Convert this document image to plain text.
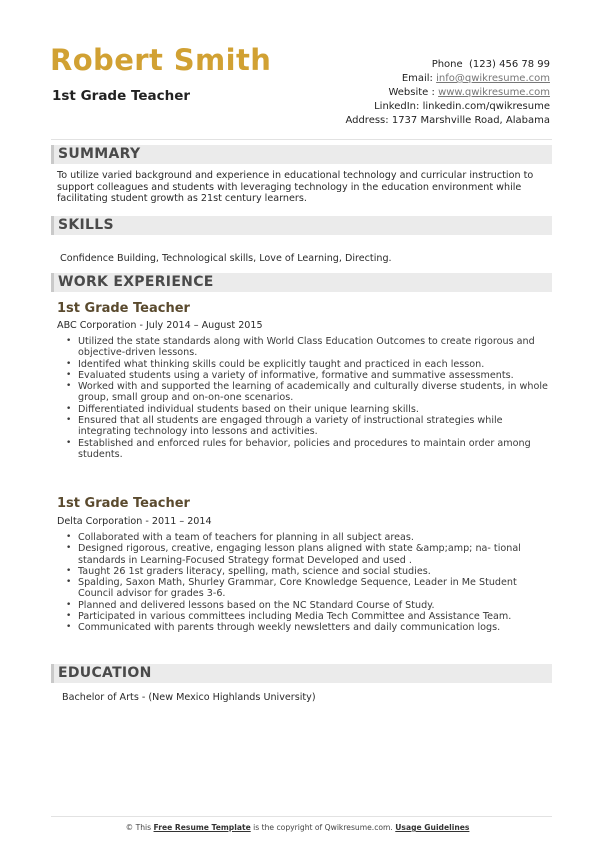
Robert Smith
1st Grade Teacher
Phone (123) 456 78 99
Email: info@qwikresume.com
Website : www.qwikresume.com
LinkedIn: linkedin.com/qwikresume
Address: 1737 Marshville Road, Alabama
SUMMARY
To utilize varied background and experience in educational technology and curricular instruction to support colleagues and students with leveraging technology in the education environment while facilitating student growth as 21st century learners.
SKILLS
Confidence Building, Technological skills, Love of Learning, Directing.
WORK EXPERIENCE
1st Grade Teacher
ABC Corporation - July 2014 – August 2015
• Utilized the state standards along with World Class Education Outcomes to create rigorous and objective-driven lessons.
• Identifed what thinking skills could be explicitly taught and practiced in each lesson.
• Evaluated students using a variety of informative, formative and summative assessments.
• Worked with and supported the learning of academically and culturally diverse students, in whole group, small group and on-on-one scenarios.
• Differentiated individual students based on their unique learning skills.
• Ensured that all students are engaged through a variety of instructional strategies while integrating technology into lessons and activities.
• Established and enforced rules for behavior, policies and procedures to maintain order among students.
1st Grade Teacher
Delta Corporation - 2011 – 2014
• Collaborated with a team of teachers for planning in all subject areas.
• Designed rigorous, creative, engaging lesson plans aligned with state &amp;amp; na- tional standards in Learning-Focused Strategy format Developed and used .
• Taught 26 1st graders literacy, spelling, math, science and social studies.
• Spalding, Saxon Math, Shurley Grammar, Core Knowledge Sequence, Leader in Me Student Council advisor for grades 3-6.
• Planned and delivered lessons based on the NC Standard Course of Study.
• Participated in various committees including Media Tech Committee and Assistance Team.
• Communicated with parents through weekly newsletters and daily communication logs.
EDUCATION
Bachelor of Arts - (New Mexico Highlands University)
© This Free Resume Template is the copyright of Qwikresume.com. Usage Guidelines
